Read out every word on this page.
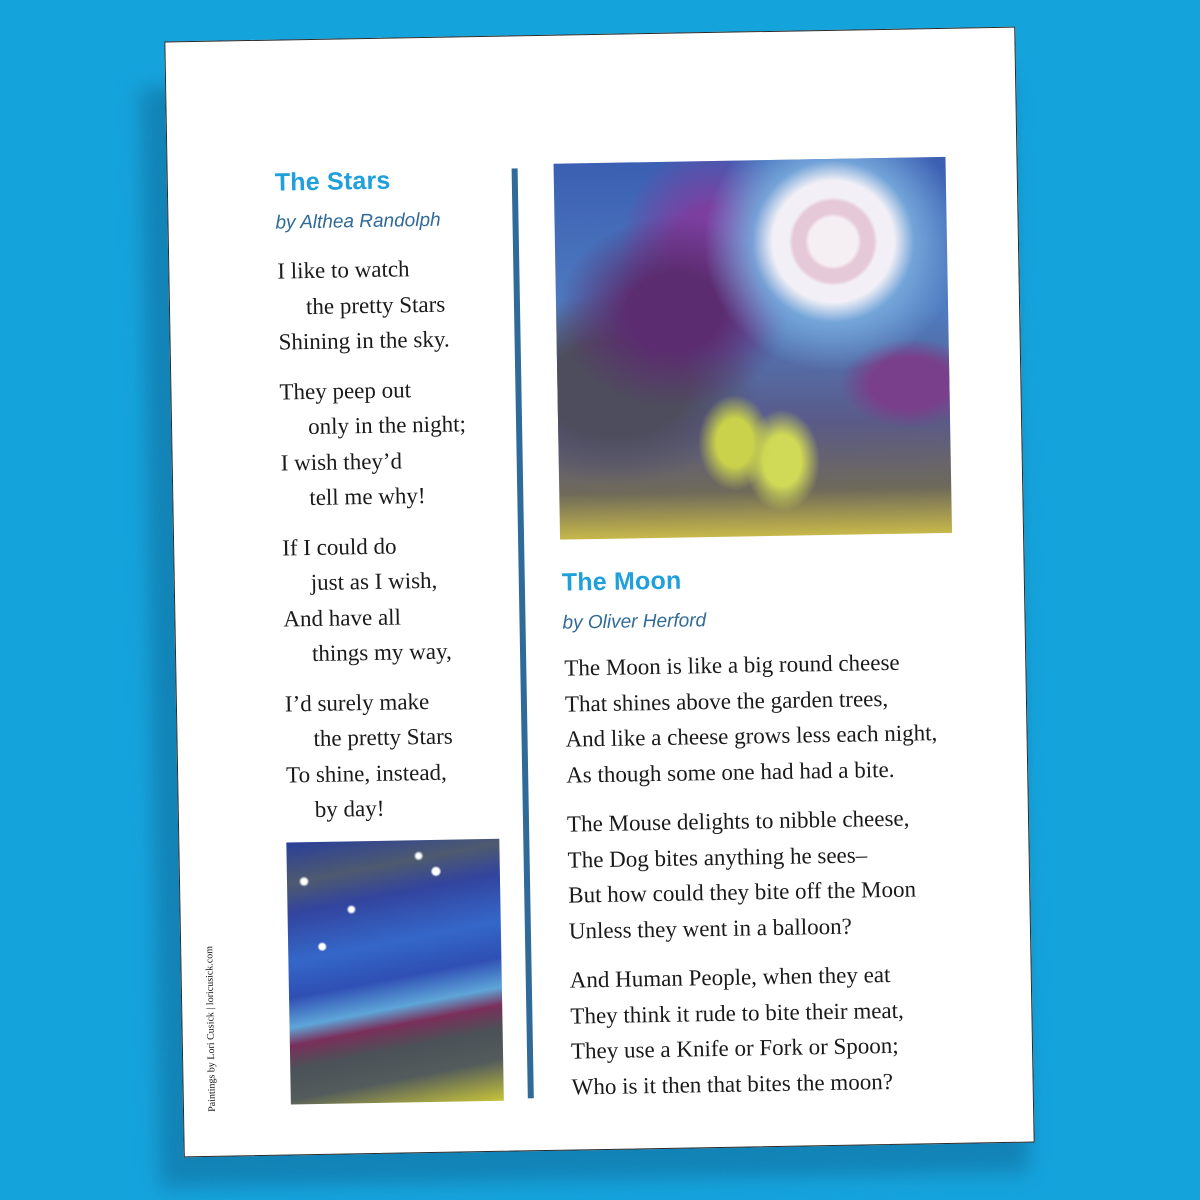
The Stars
by Althea Randolph
I like to watch
the pretty Stars
Shining in the sky.
They peep out
only in the night;
I wish they’d
tell me why!
If I could do
just as I wish,
And have all
things my way,
I’d surely make
the pretty Stars
To shine, instead,
by day!
The Moon
by Oliver Herford
The Moon is like a big round cheese
That shines above the garden trees,
And like a cheese grows less each night,
As though some one had had a bite.
The Mouse delights to nibble cheese,
The Dog bites anything he sees–
But how could they bite off the Moon
Unless they went in a balloon?
And Human People, when they eat
They think it rude to bite their meat,
They use a Knife or Fork or Spoon;
Who is it then that bites the moon?
Paintings by Lori Cusick | loricusick.com
